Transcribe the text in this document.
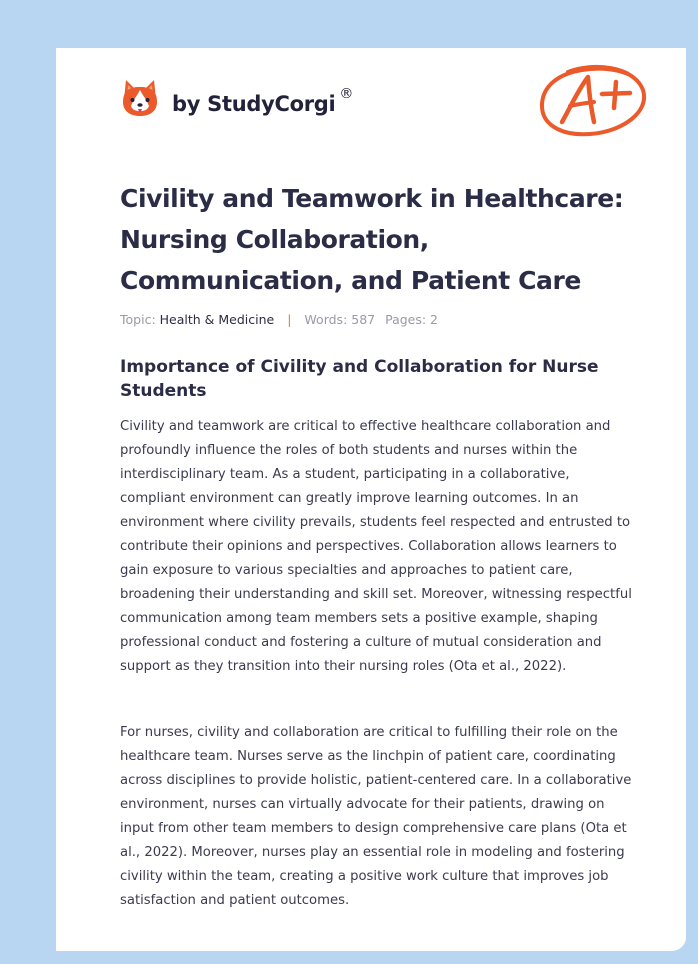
by StudyCorgi ®
Civility and Teamwork in Healthcare: Nursing Collaboration, Communication, and Patient Care
Topic: Health & Medicine | Words: 587 Pages: 2
Importance of Civility and Collaboration for Nurse Students

Civility and teamwork are critical to effective healthcare collaboration and profoundly influence the roles of both students and nurses within the interdisciplinary team. As a student, participating in a collaborative, compliant environment can greatly improve learning outcomes. In an environment where civility prevails, students feel respected and entrusted to contribute their opinions and perspectives. Collaboration allows learners to gain exposure to various specialties and approaches to patient care, broadening their understanding and skill set. Moreover, witnessing respectful communication among team members sets a positive example, shaping professional conduct and fostering a culture of mutual consideration and support as they transition into their nursing roles (Ota et al., 2022).

For nurses, civility and collaboration are critical to fulfilling their role on the healthcare team. Nurses serve as the linchpin of patient care, coordinating across disciplines to provide holistic, patient-centered care. In a collaborative environment, nurses can virtually advocate for their patients, drawing on input from other team members to design comprehensive care plans (Ota et al., 2022). Moreover, nurses play an essential role in modeling and fostering civility within the team, creating a positive work culture that improves job satisfaction and patient outcomes.
